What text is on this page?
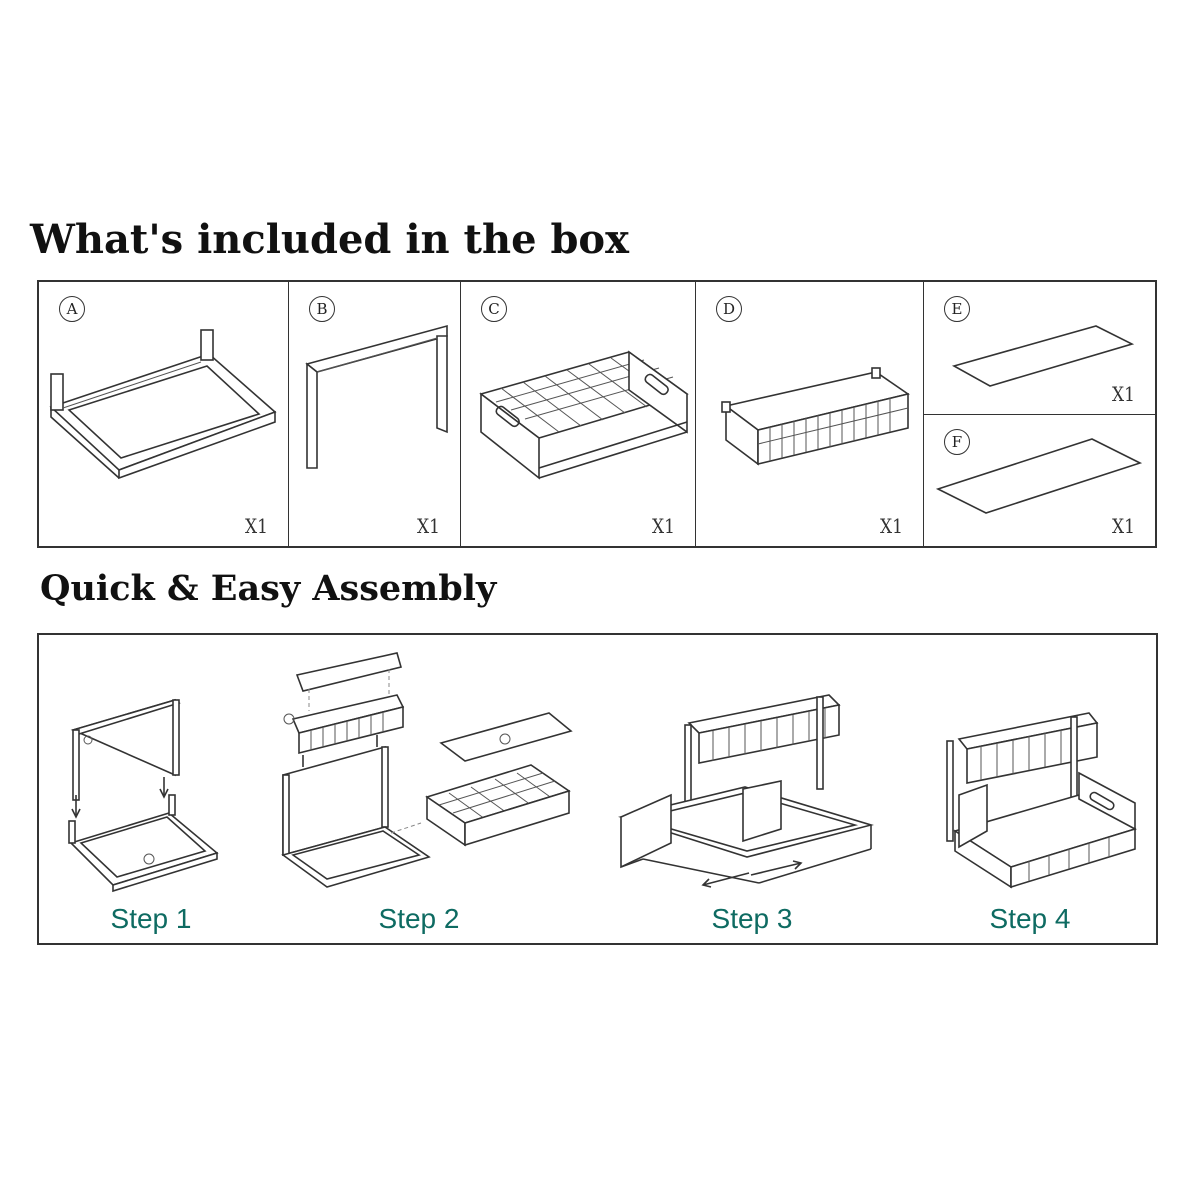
What's included in the box
A
X1
B
X1
C
X1
D
X1
E
X1
F
X1
Quick & Easy Assembly

Step 1	Step 2	Step 3	Step 4
